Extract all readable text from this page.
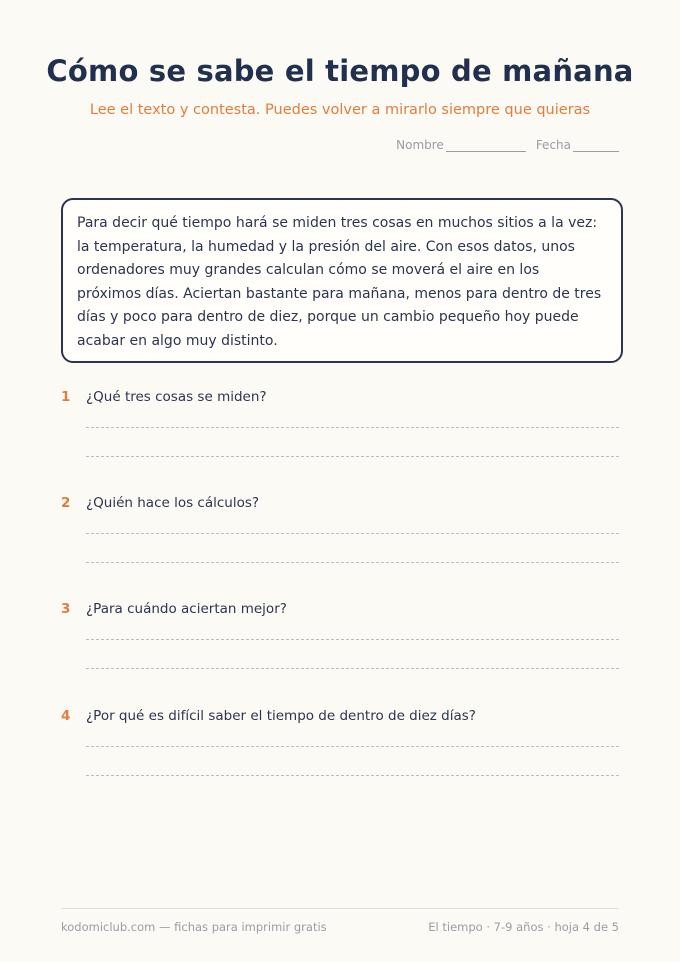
Cómo se sabe el tiempo de mañana
Lee el texto y contesta. Puedes volver a mirarlo siempre que quieras
Nombre	Fecha
Para decir qué tiempo hará se miden tres cosas en muchos sitios a la vez: la temperatura, la humedad y la presión del aire. Con esos datos, unos ordenadores muy grandes calculan cómo se moverá el aire en los próximos días. Aciertan bastante para mañana, menos para dentro de tres días y poco para dentro de diez, porque un cambio pequeño hoy puede acabar en algo muy distinto.
1	¿Qué tres cosas se miden?
2	¿Quién hace los cálculos?
3	¿Para cuándo aciertan mejor?
4	¿Por qué es difícil saber el tiempo de dentro de diez días?
kodomiclub.com — fichas para imprimir gratis	El tiempo · 7-9 años · hoja 4 de 5
